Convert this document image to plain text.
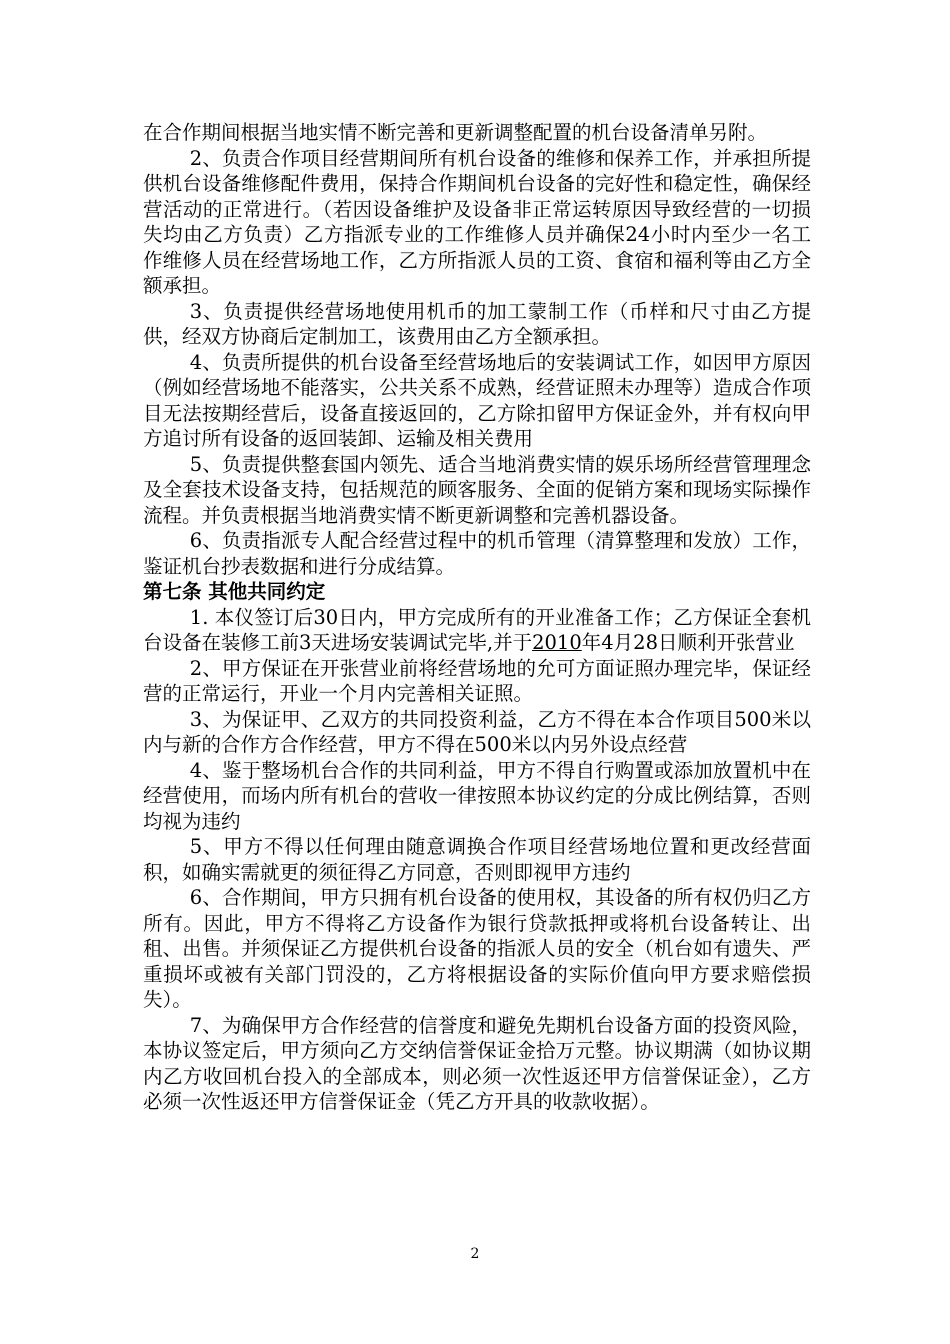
在合作期间根据当地实情不断完善和更新调整配置的机台设备清单另附。

2、负责合作项目经营期间所有机台设备的维修和保养工作，并承担所提供机台设备维修配件费用，保持合作期间机台设备的完好性和稳定性，确保经营活动的正常进行。（若因设备维护及设备非正常运转原因导致经营的一切损失均由乙方负责）乙方指派专业的工作维修人员并确保24小时内至少一名工作维修人员在经营场地工作，乙方所指派人员的工资、食宿和福利等由乙方全额承担。

3、负责提供经营场地使用机币的加工蒙制工作（币样和尺寸由乙方提供，经双方协商后定制加工，该费用由乙方全额承担。

4、负责所提供的机台设备至经营场地后的安装调试工作，如因甲方原因（例如经营场地不能落实，公共关系不成熟，经营证照未办理等）造成合作项目无法按期经营后，设备直接返回的，乙方除扣留甲方保证金外，并有权向甲方追讨所有设备的返回装卸、运输及相关费用

5、负责提供整套国内领先、适合当地消费实情的娱乐场所经营管理理念及全套技术设备支持，包括规范的顾客服务、全面的促销方案和现场实际操作流程。并负责根据当地消费实情不断更新调整和完善机器设备。

6、负责指派专人配合经营过程中的机币管理（清算整理和发放）工作，鉴证机台抄表数据和进行分成结算。

第七条 其他共同约定

1. 本仪签订后30日内，甲方完成所有的开业准备工作；乙方保证全套机台设备在装修工前3天进场安装调试完毕,并于2010年4月28日顺利开张营业

2、甲方保证在开张营业前将经营场地的允可方面证照办理完毕，保证经营的正常运行，开业一个月内完善相关证照。

3、为保证甲、乙双方的共同投资利益，乙方不得在本合作项目500米以内与新的合作方合作经营，甲方不得在500米以内另外设点经营

4、鉴于整场机台合作的共同利益，甲方不得自行购置或添加放置机中在经营使用，而场内所有机台的营收一律按照本协议约定的分成比例结算，否则均视为违约

5、甲方不得以任何理由随意调换合作项目经营场地位置和更改经营面积，如确实需就更的须征得乙方同意，否则即视甲方违约

6、合作期间，甲方只拥有机台设备的使用权，其设备的所有权仍归乙方所有。因此，甲方不得将乙方设备作为银行贷款抵押或将机台设备转让、出租、出售。并须保证乙方提供机台设备的指派人员的安全（机台如有遗失、严重损坏或被有关部门罚没的，乙方将根据设备的实际价值向甲方要求赔偿损失）。

7、为确保甲方合作经营的信誉度和避免先期机台设备方面的投资风险，本协议签定后，甲方须向乙方交纳信誉保证金拾万元整。协议期满（如协议期内乙方收回机台投入的全部成本，则必须一次性返还甲方信誉保证金），乙方必须一次性返还甲方信誉保证金（凭乙方开具的收款收据）。

2
